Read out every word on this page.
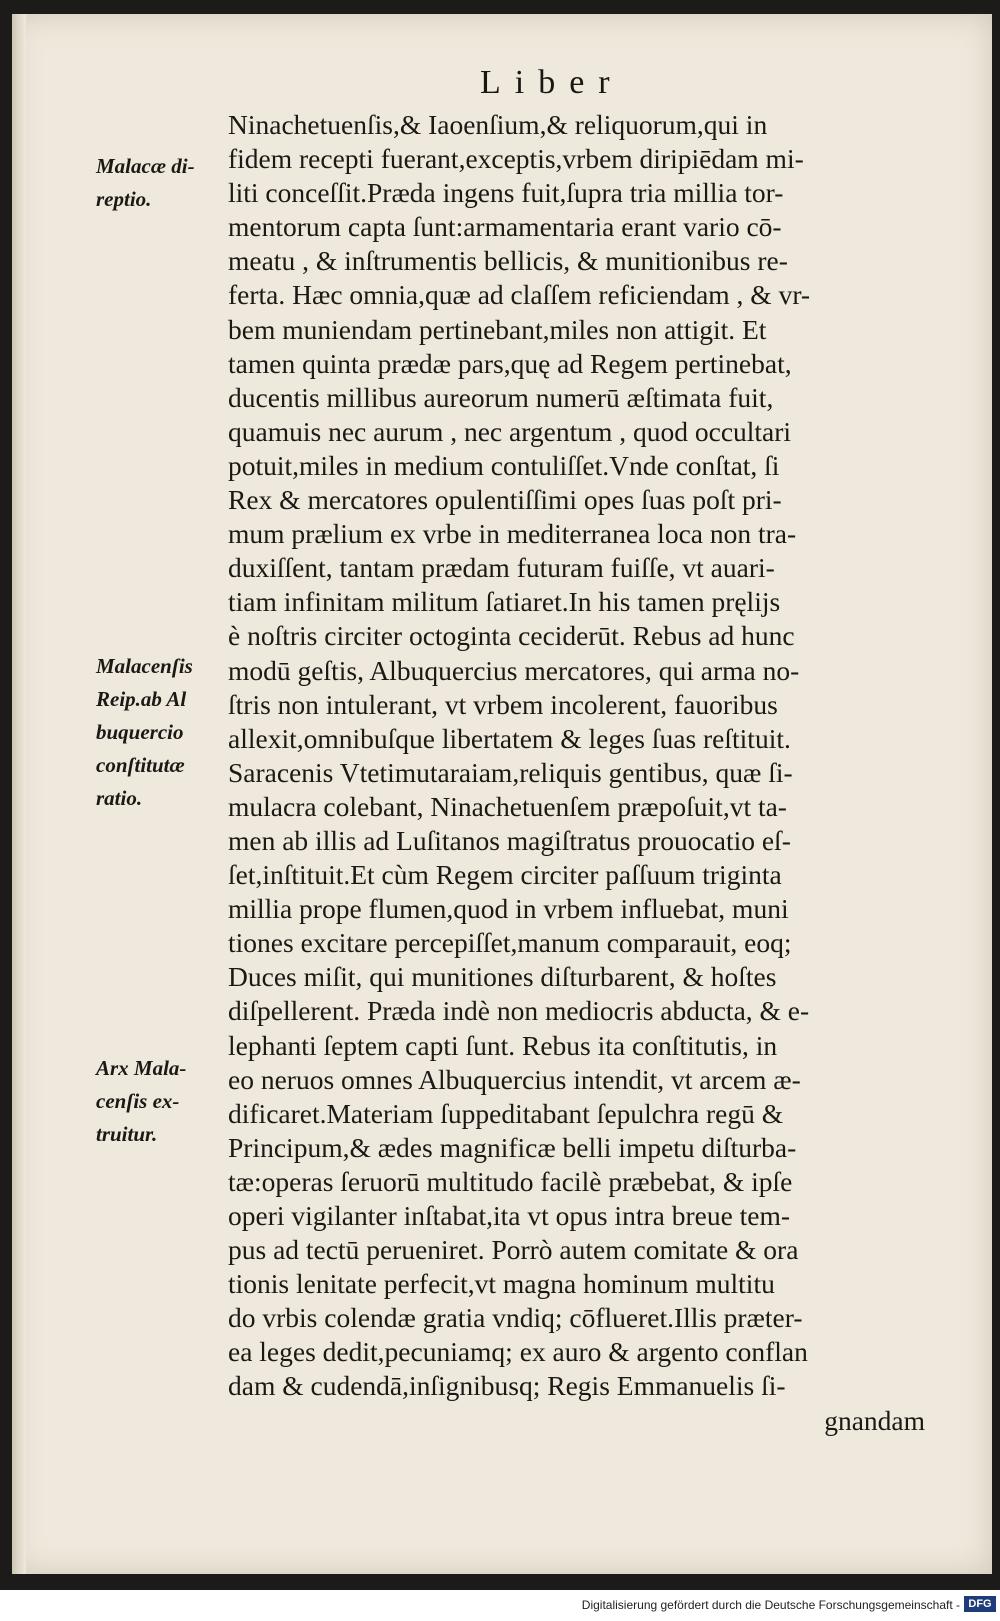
Liber
Ninachetuenſis,& Iaoenſium,& reliquorum,qui in
fidem recepti fuerant,exceptis,vrbem diripiēdam mi-
liti conceſſit.Præda ingens fuit,ſupra tria millia tor-
mentorum capta ſunt:armamentaria erant vario cō-
meatu , & inſtrumentis bellicis, & munitionibus re-
ferta. Hæc omnia,quæ ad claſſem reficiendam , & vr-
bem muniendam pertinebant,miles non attigit. Et
tamen quinta prædæ pars,quę ad Regem pertinebat,
ducentis millibus aureorum numerū æſtimata fuit,
quamuis nec aurum , nec argentum , quod occultari
potuit,miles in medium contuliſſet.Vnde conſtat, ſi
Rex & mercatores opulentiſſimi opes ſuas poſt pri-
mum prælium ex vrbe in mediterranea loca non tra-
duxiſſent, tantam prædam futuram fuiſſe, vt auari-
tiam infinitam militum ſatiaret.In his tamen pręlijs
è noſtris circiter octoginta ceciderūt. Rebus ad hunc
modū geſtis, Albuquercius mercatores, qui arma no-
ſtris non intulerant, vt vrbem incolerent, fauoribus
allexit,omnibuſque libertatem & leges ſuas reſtituit.
Saracenis Vtetimutaraiam,reliquis gentibus, quæ ſi-
mulacra colebant, Ninachetuenſem præpoſuit,vt ta-
men ab illis ad Luſitanos magiſtratus prouocatio eſ-
ſet,inſtituit.Et cùm Regem circiter paſſuum triginta
millia prope flumen,quod in vrbem influebat, muni
tiones excitare percepiſſet,manum comparauit, eoq;
Duces miſit, qui munitiones diſturbarent, & hoſtes
diſpellerent. Præda indè non mediocris abducta, & e-
lephanti ſeptem capti ſunt. Rebus ita conſtitutis, in
eo neruos omnes Albuquercius intendit, vt arcem æ-
dificaret.Materiam ſuppeditabant ſepulchra regū &
Principum,& ædes magnificæ belli impetu diſturba-
tæ:operas ſeruorū multitudo facilè præbebat, & ipſe
operi vigilanter inſtabat,ita vt opus intra breue tem-
pus ad tectū perueniret. Porrò autem comitate & ora
tionis lenitate perfecit,vt magna hominum multitu
do vrbis colendæ gratia vndiq; cōflueret.Illis præter-
ea leges dedit,pecuniamq; ex auro & argento conflan
dam & cudendā,inſignibusq; Regis Emmanuelis ſi-
gnandam
Malacæ di-
reptio.
Malacenſis
Reip.ab Al
buquercio
conſtitutæ
ratio.
Arx Mala-
cenſis ex-
truitur.
Digitalisierung gefördert durch die Deutsche Forschungsgemeinschaft - DFG
